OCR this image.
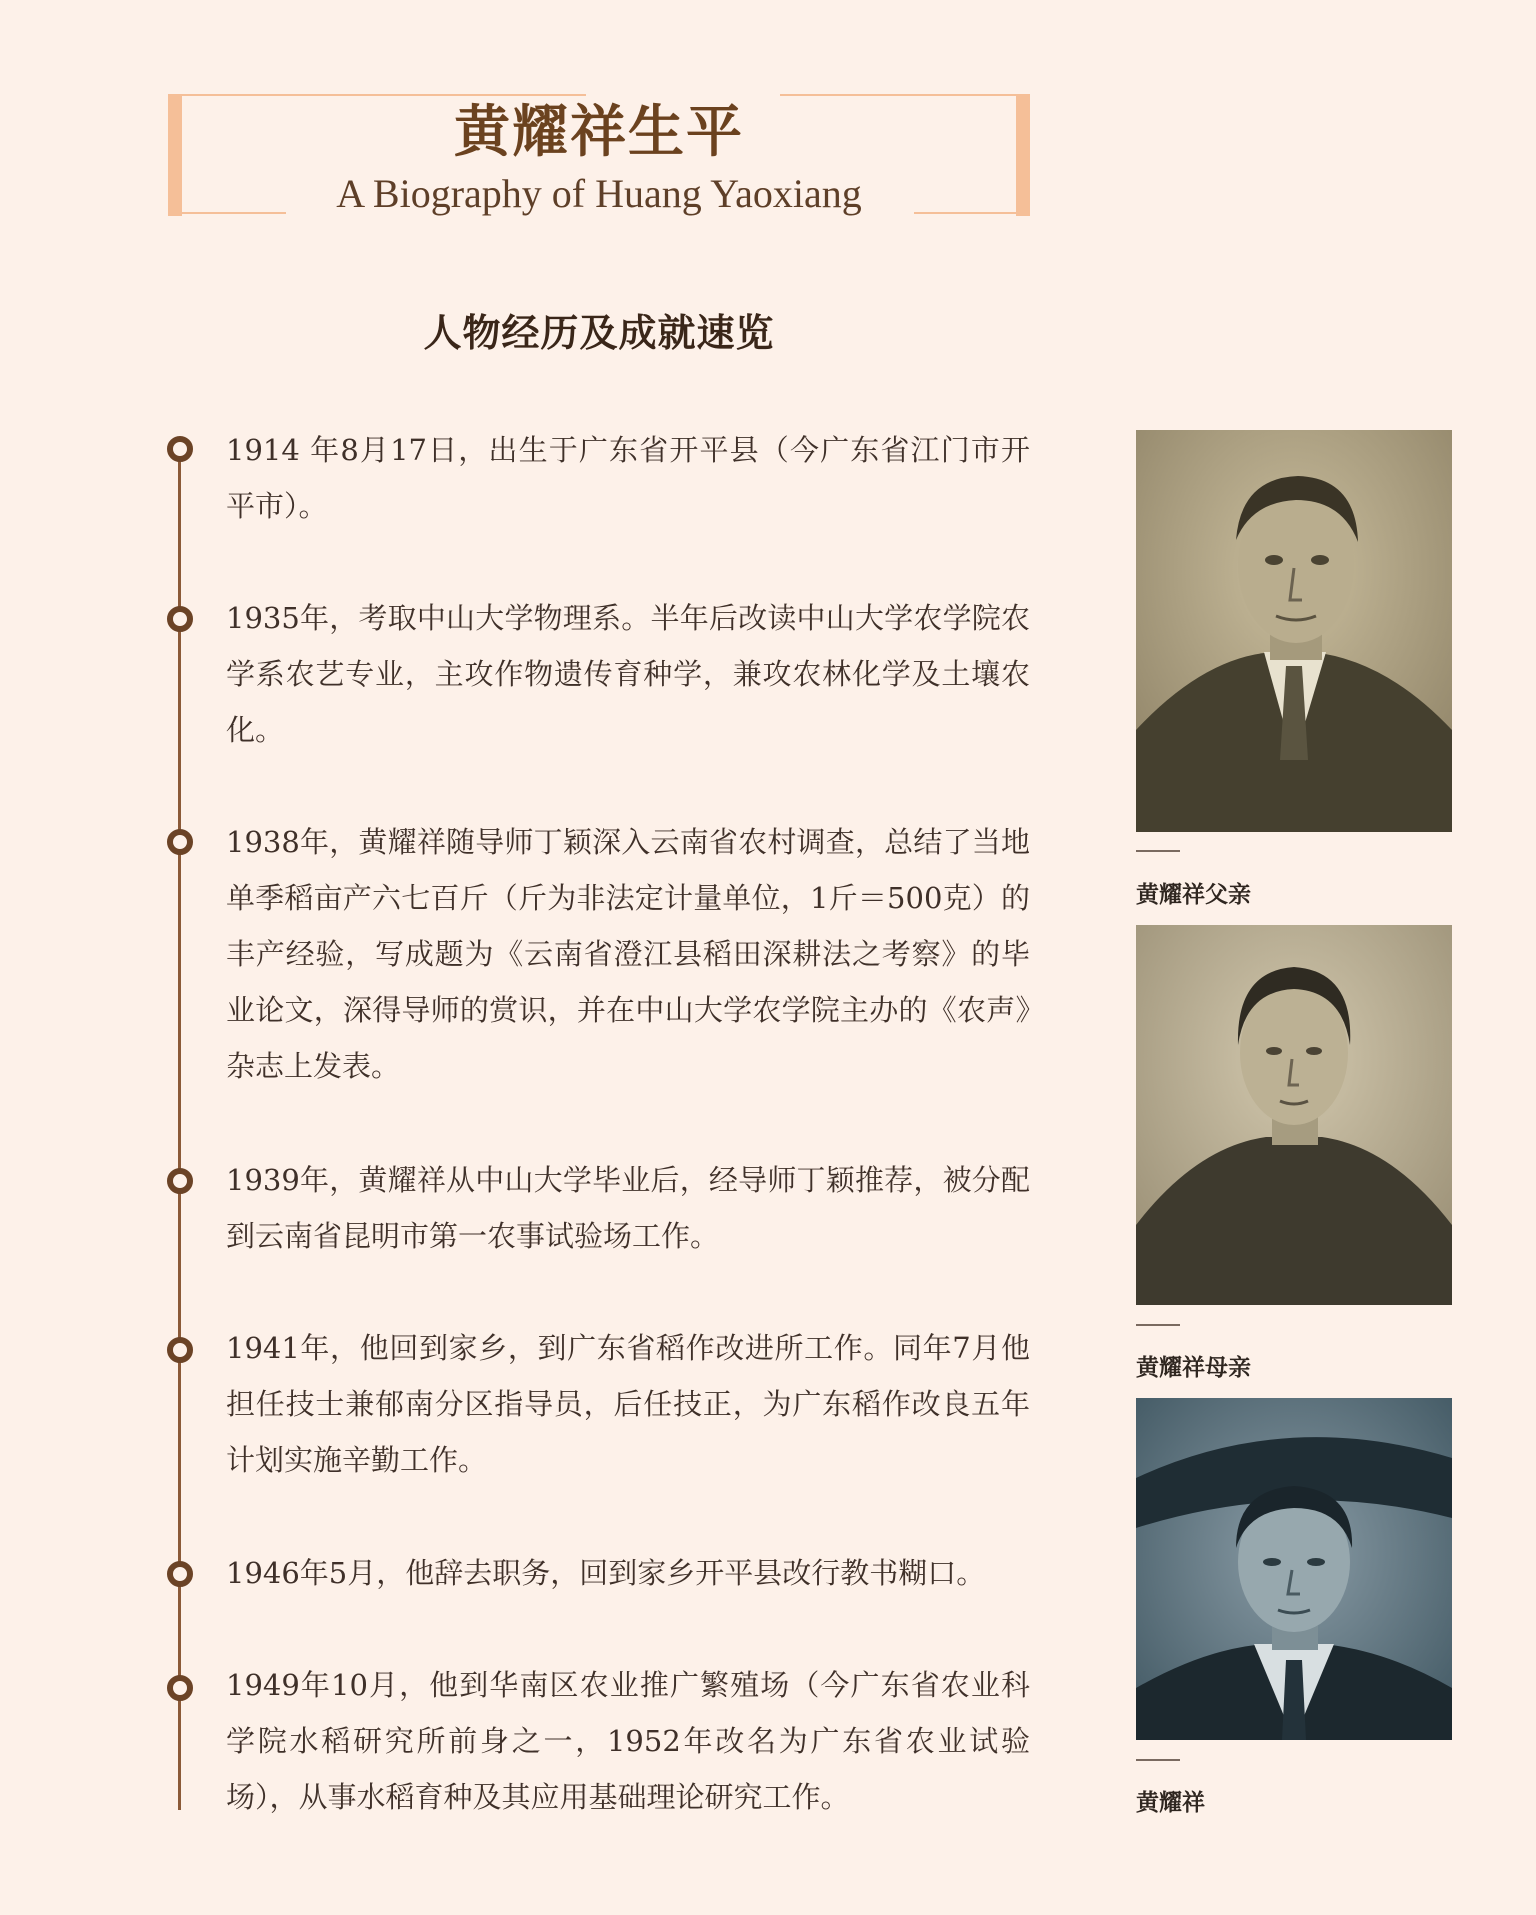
黄耀祥生平
A Biography of Huang Yaoxiang
人物经历及成就速览
1914 年8月17日，出生于广东省开平县（今广东省江门市开平市）。
1935年，考取中山大学物理系。半年后改读中山大学农学院农学系农艺专业，主攻作物遗传育种学，兼攻农林化学及土壤农化。
1938年，黄耀祥随导师丁颖深入云南省农村调查，总结了当地单季稻亩产六七百斤（斤为非法定计量单位，1斤＝500克）的丰产经验，写成题为《云南省澄江县稻田深耕法之考察》的毕业论文，深得导师的赏识，并在中山大学农学院主办的《农声》杂志上发表。
1939年，黄耀祥从中山大学毕业后，经导师丁颖推荐，被分配到云南省昆明市第一农事试验场工作。
1941年，他回到家乡，到广东省稻作改进所工作。同年7月他担任技士兼郁南分区指导员，后任技正，为广东稻作改良五年计划实施辛勤工作。
1946年5月，他辞去职务，回到家乡开平县改行教书糊口。
1949年10月，他到华南区农业推广繁殖场（今广东省农业科学院水稻研究所前身之一，1952年改名为广东省农业试验场），从事水稻育种及其应用基础理论研究工作。
黄耀祥父亲
黄耀祥母亲
黄耀祥
